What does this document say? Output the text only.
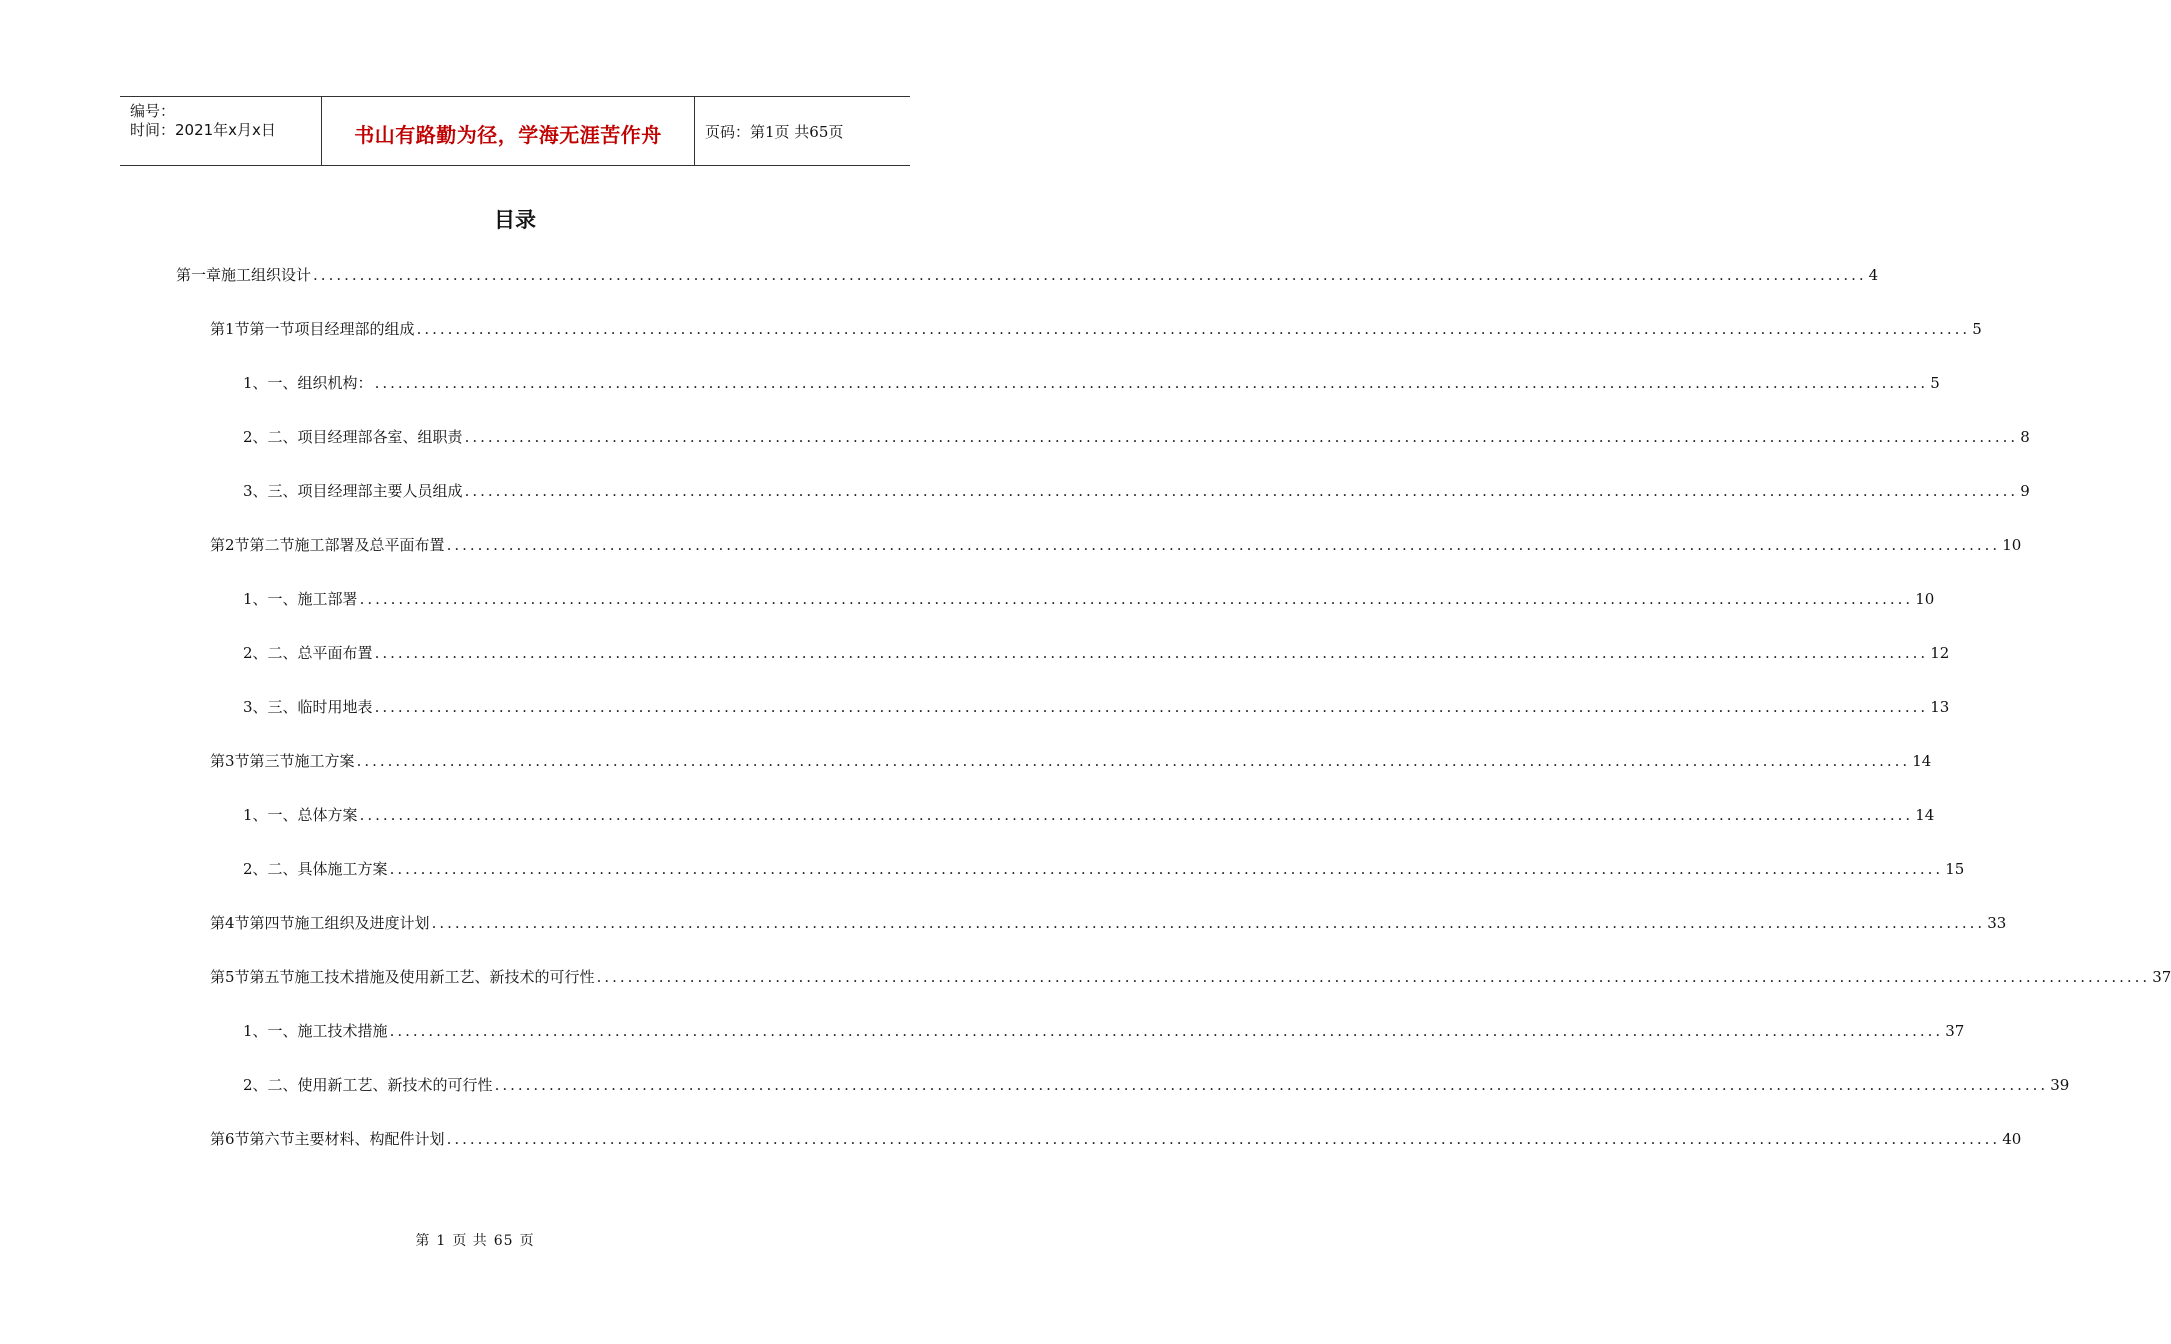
编号：
时间：2021年x月x日	书山有路勤为径，学海无涯苦作舟	页码：第1页 共65页
目录
第一章 施工组织设计 ........................................................................................................................................................................................................ 4
第1节 第一节项目经理部的组成 ........................................................................................................................................................................................................ 5
1、 一、组织机构： ........................................................................................................................................................................................................ 5
2、 二、项目经理部各室、组职责 ........................................................................................................................................................................................................ 8
3、 三、项目经理部主要人员组成 ........................................................................................................................................................................................................ 9
第2节 第二节施工部署及总平面布置 ........................................................................................................................................................................................................ 10
1、 一、施工部署 ........................................................................................................................................................................................................ 10
2、 二、总平面布置 ........................................................................................................................................................................................................ 12
3、 三、临时用地表 ........................................................................................................................................................................................................ 13
第3节 第三节施工方案 ........................................................................................................................................................................................................ 14
1、 一、总体方案 ........................................................................................................................................................................................................ 14
2、 二、具体施工方案 ........................................................................................................................................................................................................ 15
第4节 第四节施工组织及进度计划 ........................................................................................................................................................................................................ 33
第5节 第五节施工技术措施及使用新工艺、新技术的可行性 ........................................................................................................................................................................................................ 37
1、 一、施工技术措施 ........................................................................................................................................................................................................ 37
2、 二、使用新工艺、新技术的可行性 ........................................................................................................................................................................................................ 39
第6节 第六节主要材料、构配件计划 ........................................................................................................................................................................................................ 40
第 1 页 共 65 页
